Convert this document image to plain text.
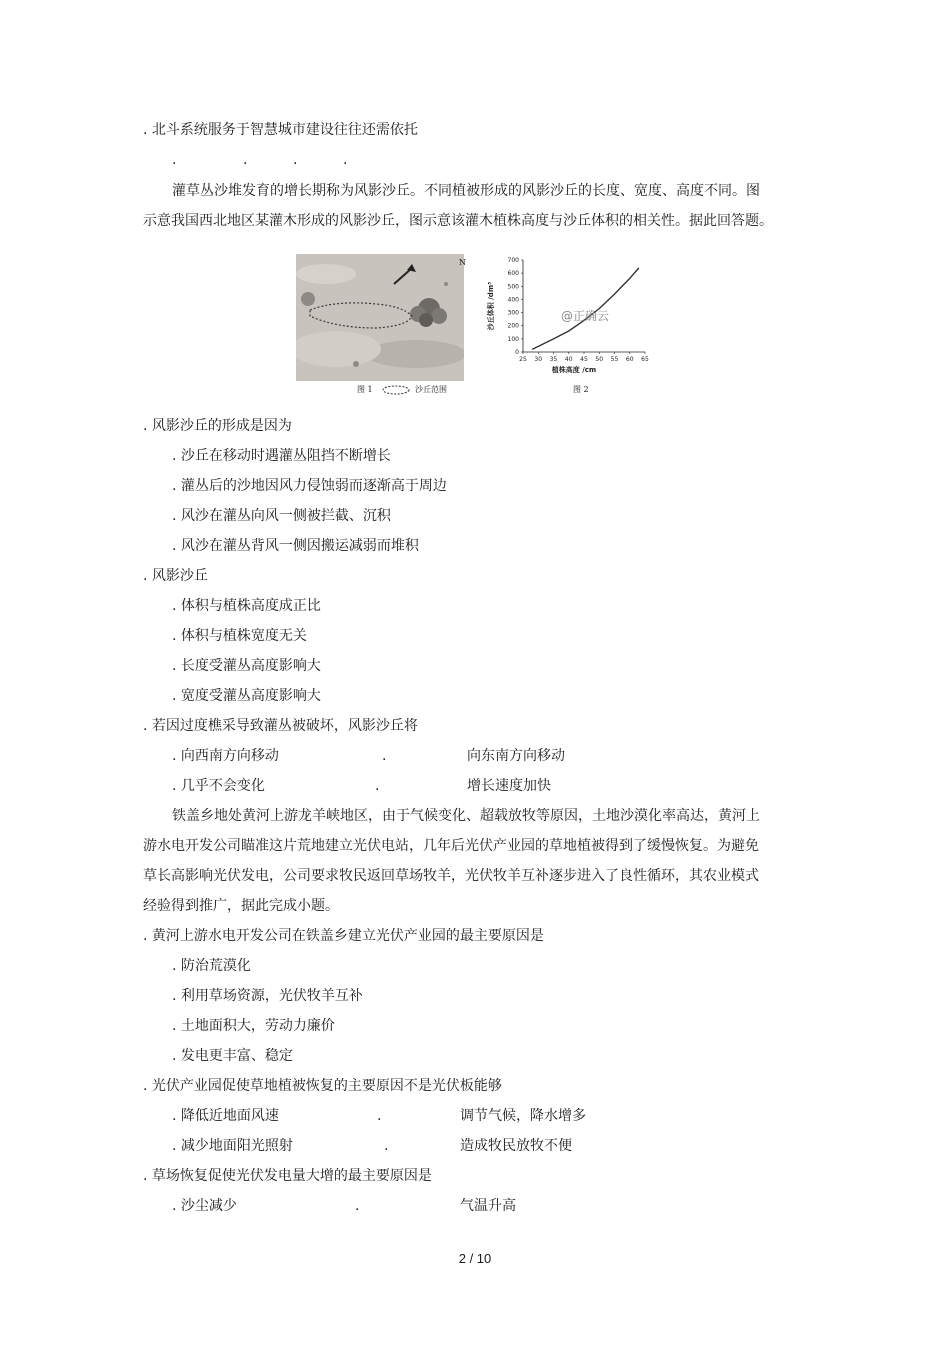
. 北斗系统服务于智慧城市建设往往还需依托
.	.	.	.
灌草丛沙堆发育的增长期称为风影沙丘。不同植被形成的风影沙丘的长度、宽度、高度不同。图
示意我国西北地区某灌木形成的风影沙丘，图示意该灌木植株高度与沙丘体积的相关性。据此回答题。
N
图 1	沙丘范围
25 30 35 40 45 50 55 60 65
0
100
200
300
400
500
600
700
植株高度 /cm
沙丘体积 /dm³	@正确云
图 2
. 风影沙丘的形成是因为
. 沙丘在移动时遇灌丛阻挡不断增长
. 灌丛后的沙地因风力侵蚀弱而逐渐高于周边
. 风沙在灌丛向风一侧被拦截、沉积
. 风沙在灌丛背风一侧因搬运减弱而堆积
. 风影沙丘
. 体积与植株高度成正比
. 体积与植株宽度无关
. 长度受灌丛高度影响大
. 宽度受灌丛高度影响大
. 若因过度樵采导致灌丛被破坏，风影沙丘将
. 向西南方向移动	.	向东南方向移动
. 几乎不会变化	.	增长速度加快
铁盖乡地处黄河上游龙羊峡地区，由于气候变化、超载放牧等原因，土地沙漠化率高达，黄河上
游水电开发公司瞄准这片荒地建立光伏电站，几年后光伏产业园的草地植被得到了缓慢恢复。为避免
草长高影响光伏发电，公司要求牧民返回草场牧羊，光伏牧羊互补逐步进入了良性循环，其农业模式
经验得到推广，据此完成小题。
. 黄河上游水电开发公司在铁盖乡建立光伏产业园的最主要原因是
. 防治荒漠化
. 利用草场资源，光伏牧羊互补
. 土地面积大，劳动力廉价
. 发电更丰富、稳定
. 光伏产业园促使草地植被恢复的主要原因不是光伏板能够
. 降低近地面风速	.	调节气候，降水增多
. 减少地面阳光照射	.	造成牧民放牧不便
. 草场恢复促使光伏发电量大增的最主要原因是
. 沙尘减少	.	气温升高
2 / 10
